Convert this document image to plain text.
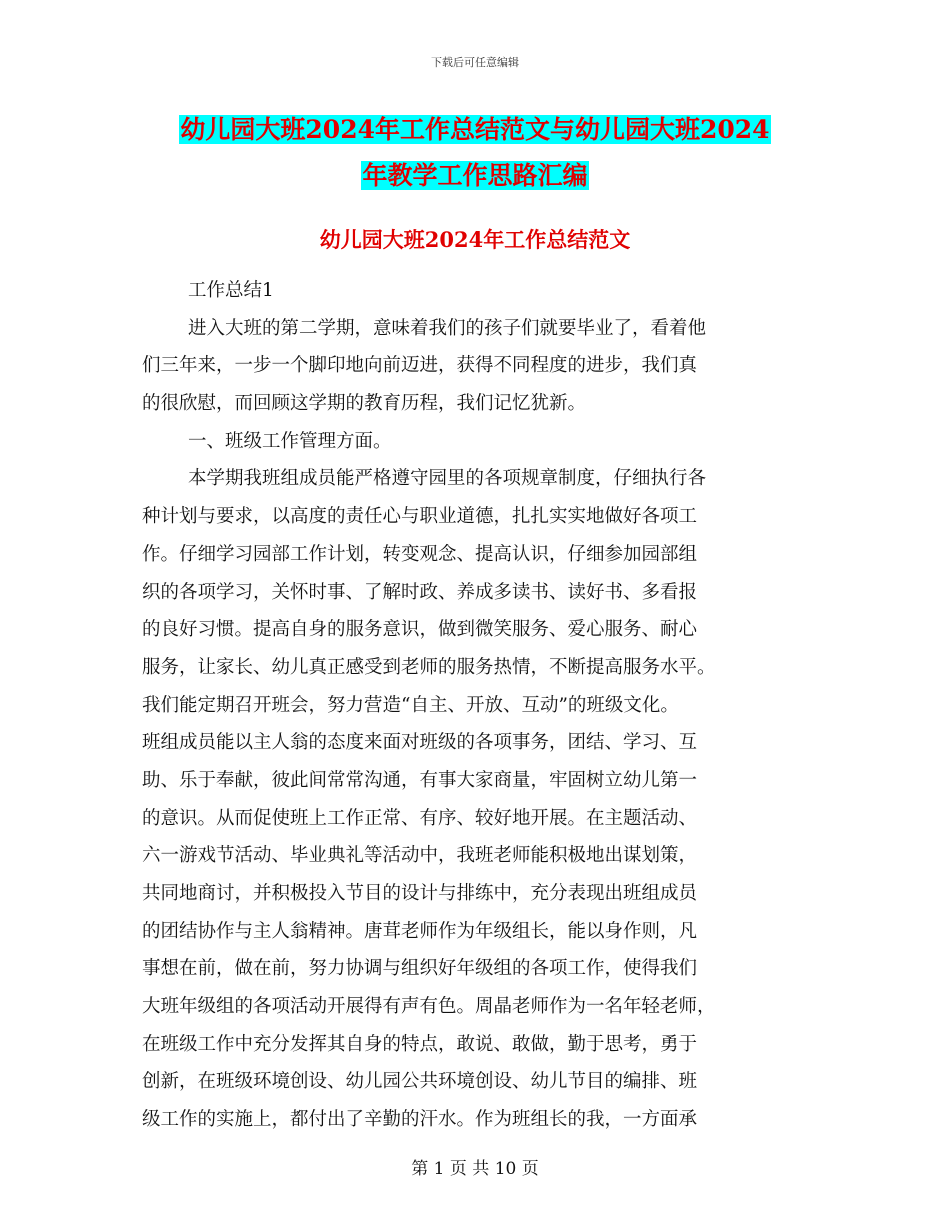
下载后可任意编辑
幼儿园大班2024年工作总结范文与幼儿园大班2024
年教学工作思路汇编
幼儿园大班2024年工作总结范文
工作总结1
进入大班的第二学期，意味着我们的孩子们就要毕业了，看着他
们三年来，一步一个脚印地向前迈进，获得不同程度的进步，我们真
的很欣慰，而回顾这学期的教育历程，我们记忆犹新。
一、班级工作管理方面。
本学期我班组成员能严格遵守园里的各项规章制度，仔细执行各
种计划与要求，以高度的责任心与职业道德，扎扎实实地做好各项工
作。仔细学习园部工作计划，转变观念、提高认识，仔细参加园部组
织的各项学习，关怀时事、了解时政、养成多读书、读好书、多看报
的良好习惯。提高自身的服务意识，做到微笑服务、爱心服务、耐心
服务，让家长、幼儿真正感受到老师的服务热情，不断提高服务水平。
我们能定期召开班会，努力营造“自主、开放、互动”的班级文化。
班组成员能以主人翁的态度来面对班级的各项事务，团结、学习、互
助、乐于奉献，彼此间常常沟通，有事大家商量，牢固树立幼儿第一
的意识。从而促使班上工作正常、有序、较好地开展。在主题活动、
六一游戏节活动、毕业典礼等活动中，我班老师能积极地出谋划策，
共同地商讨，并积极投入节目的设计与排练中，充分表现出班组成员
的团结协作与主人翁精神。唐茸老师作为年级组长，能以身作则，凡
事想在前，做在前，努力协调与组织好年级组的各项工作，使得我们
大班年级组的各项活动开展得有声有色。周晶老师作为一名年轻老师，
在班级工作中充分发挥其自身的特点，敢说、敢做，勤于思考，勇于
创新，在班级环境创设、幼儿园公共环境创设、幼儿节目的编排、班
级工作的实施上，都付出了辛勤的汗水。作为班组长的我，一方面承
第 1 页 共 10 页
